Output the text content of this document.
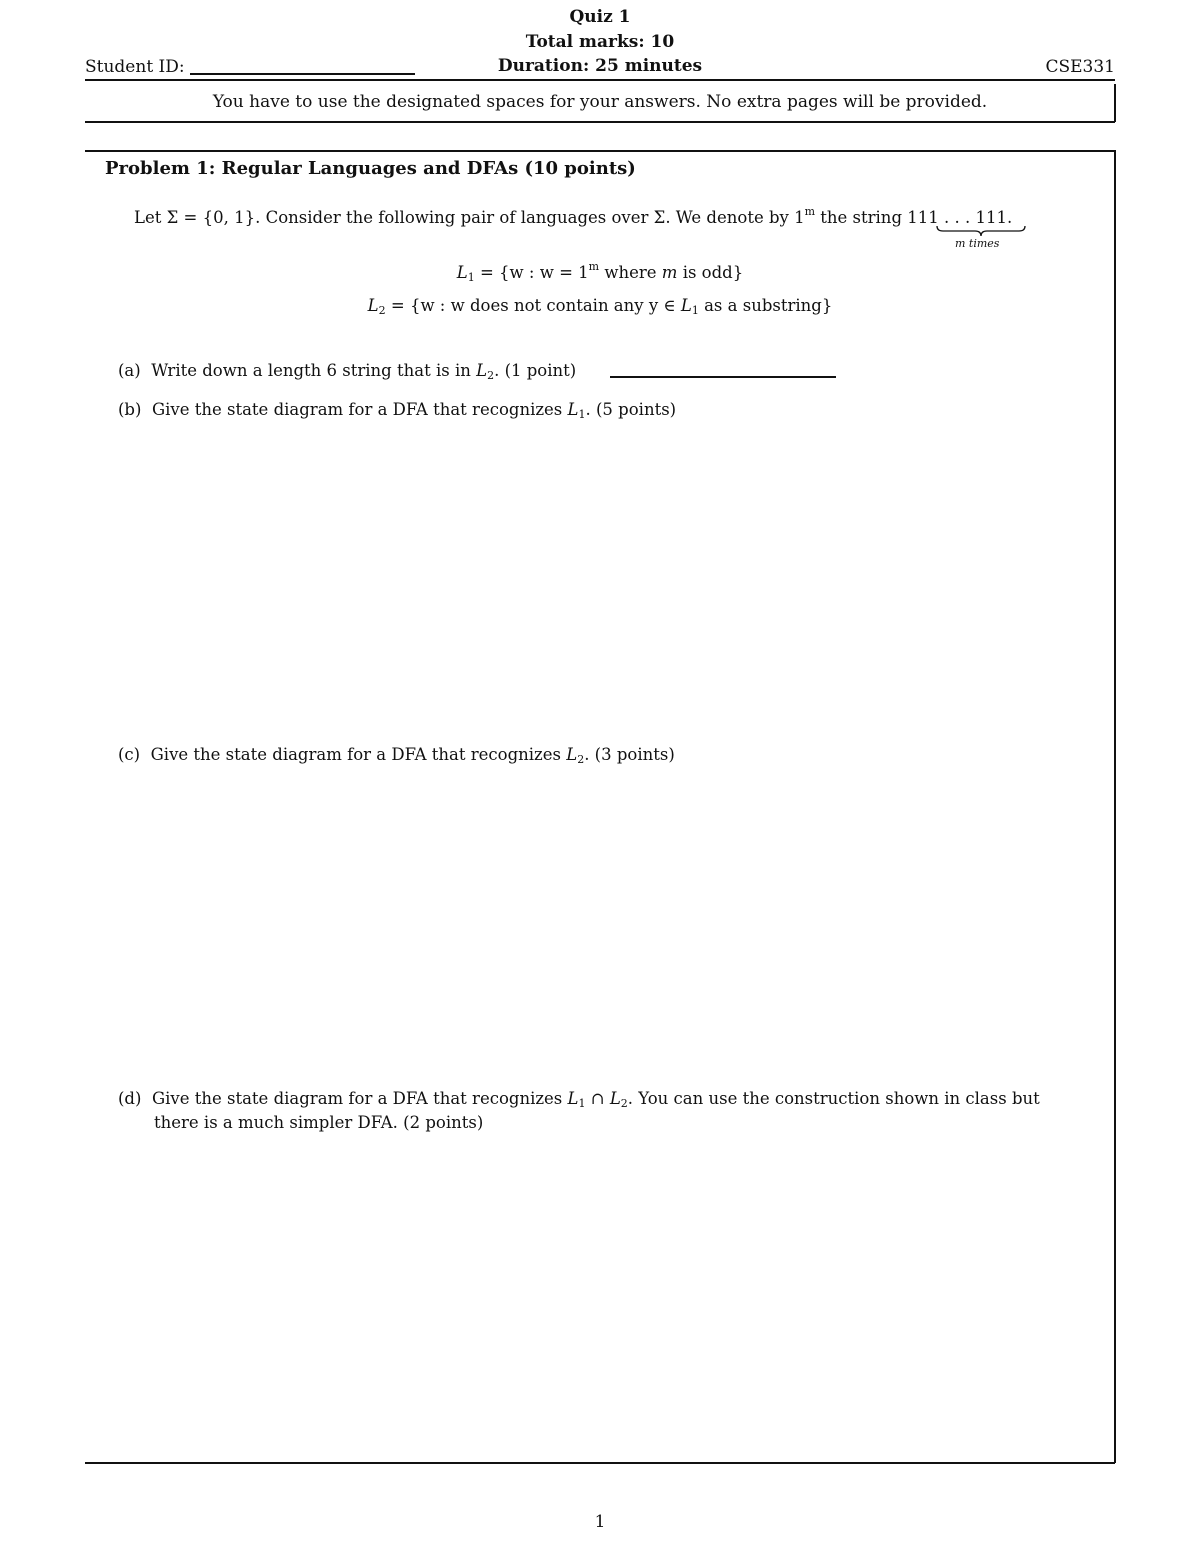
Quiz 1
Total marks: 10
Duration: 25 minutes
Student ID:	CSE331
You have to use the designated spaces for your answers. No extra pages will be provided.
Problem 1: Regular Languages and DFAs (10 points)
Let Σ = {0, 1}. Consider the following pair of languages over Σ. We denote by 1$^m$ the string 111 . . . 111.
m times
$L_1 = \{w$ : $w = 1^m$ where m is odd}
$L_2 = \{w$ : w does not contain any y ∈ $L_1$ as a substring}
(a) Write down a length 6 string that is in $L_2$. (1 point)
(b) Give the state diagram for a DFA that recognizes $L_1$. (5 points)
(c) Give the state diagram for a DFA that recognizes $L_2$. (3 points)
(d) Give the state diagram for a DFA that recognizes $L_1$ ∩ $L_2$. You can use the construction shown in class but
there is a much simpler DFA. (2 points)
1
